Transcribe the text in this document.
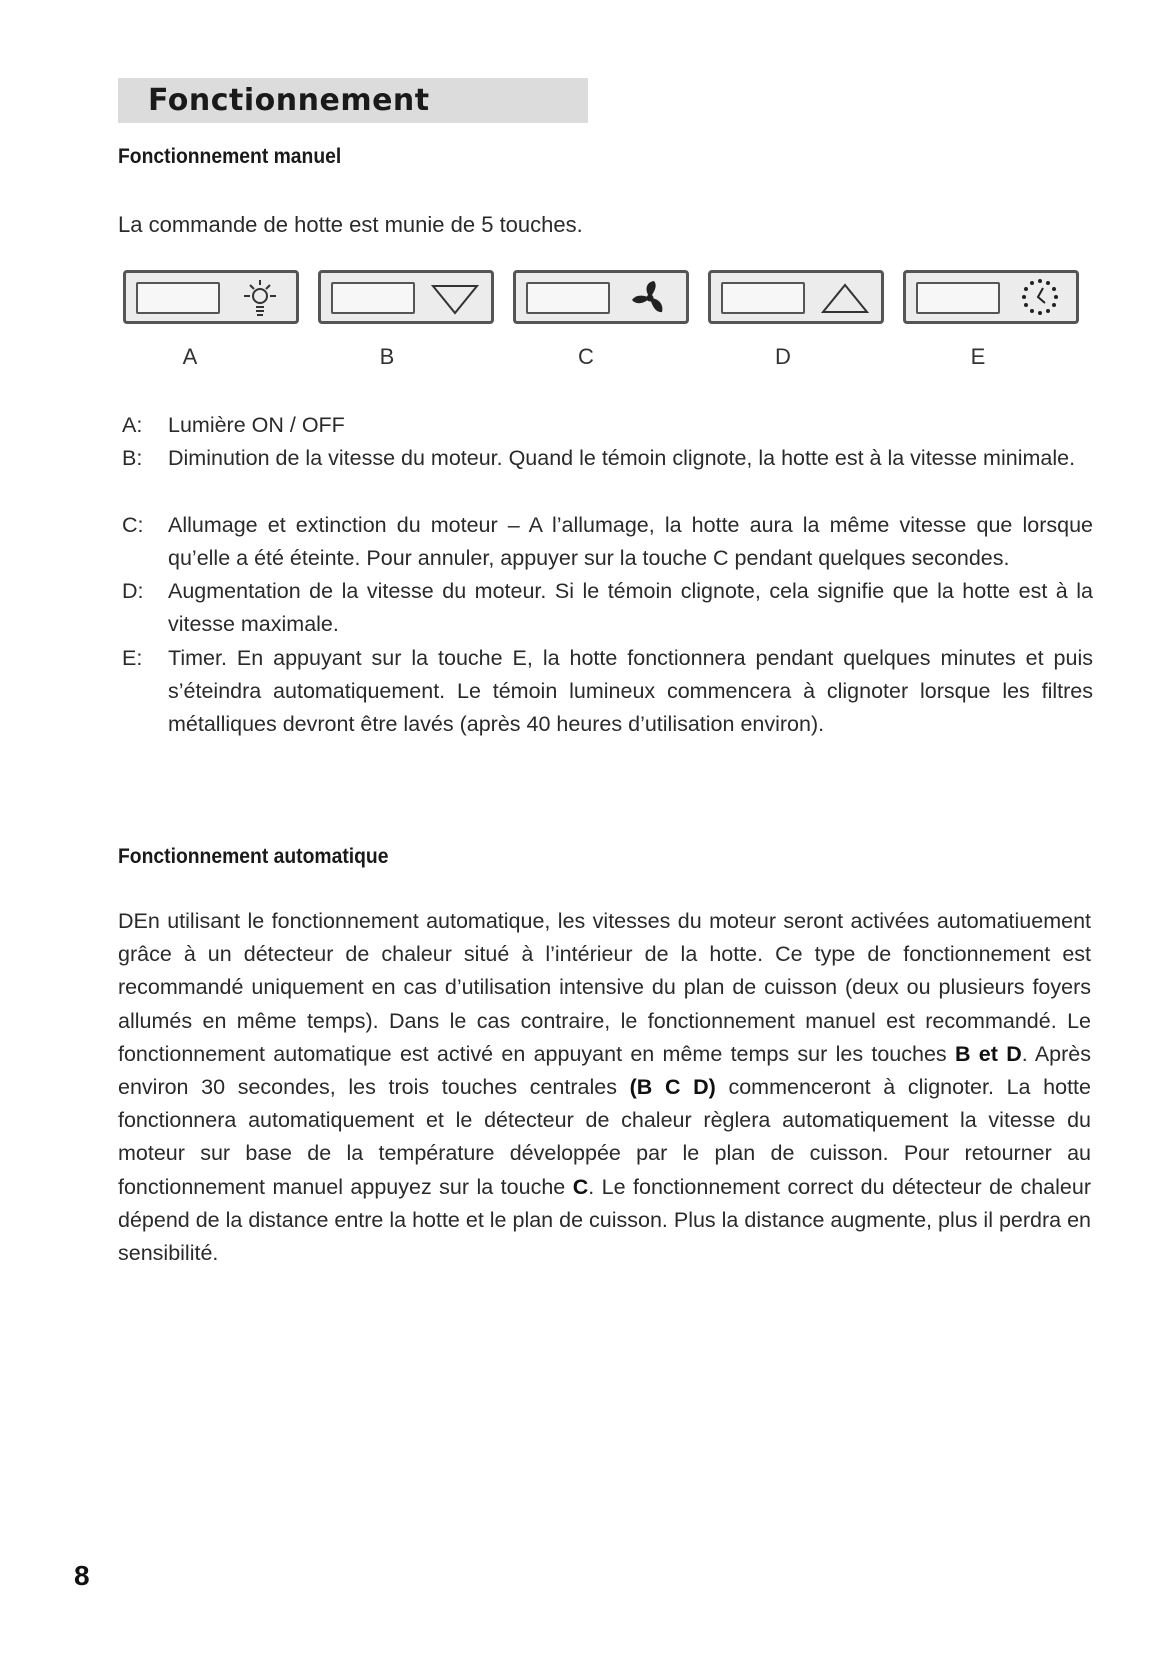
Fonctionnement
Fonctionnement manuel
La commande de hotte est munie de 5 touches.
A	B	C	D	E
A: Lumière ON / OFF
B: Diminution de la vitesse du moteur. Quand le témoin clignote, la hotte est à la vitesse minimale.
C: Allumage et extinction du moteur – A l’allumage, la hotte aura la même vitesse que lorsque qu’elle a été éteinte. Pour annuler, appuyer sur la touche C pendant quelques secondes.
D: Augmentation de la vitesse du moteur. Si le témoin clignote, cela signifie que la hotte est à la vitesse maximale.
E: Timer. En appuyant sur la touche E, la hotte fonctionnera pendant quelques minutes et puis s’éteindra automatiquement. Le témoin lumineux commencera à clignoter lorsque les filtres métalliques devront être lavés (après 40 heures d’utilisation environ).
Fonctionnement automatique
DEn utilisant le fonctionnement automatique, les vitesses du moteur seront activées automatiuement grâce à un détecteur de chaleur situé à l’intérieur de la hotte. Ce type de fonctionnement est recommandé uniquement en cas d’utilisation intensive du plan de cuisson (deux ou plusieurs foyers allumés en même temps). Dans le cas contraire, le fonctionnement manuel est recommandé. Le fonctionnement automatique est activé en appuyant en même temps sur les touches B et D. Après environ 30 secondes, les trois touches centrales (B C D) commenceront à clignoter. La hotte fonctionnera automatiquement et le détecteur de chaleur règlera automatiquement la vitesse du moteur sur base de la température développée par le plan de cuisson. Pour retourner au fonctionnement manuel appuyez sur la touche C. Le fonctionnement correct du détecteur de chaleur dépend de la distance entre la hotte et le plan de cuisson. Plus la distance augmente, plus il perdra en sensibilité.
8
